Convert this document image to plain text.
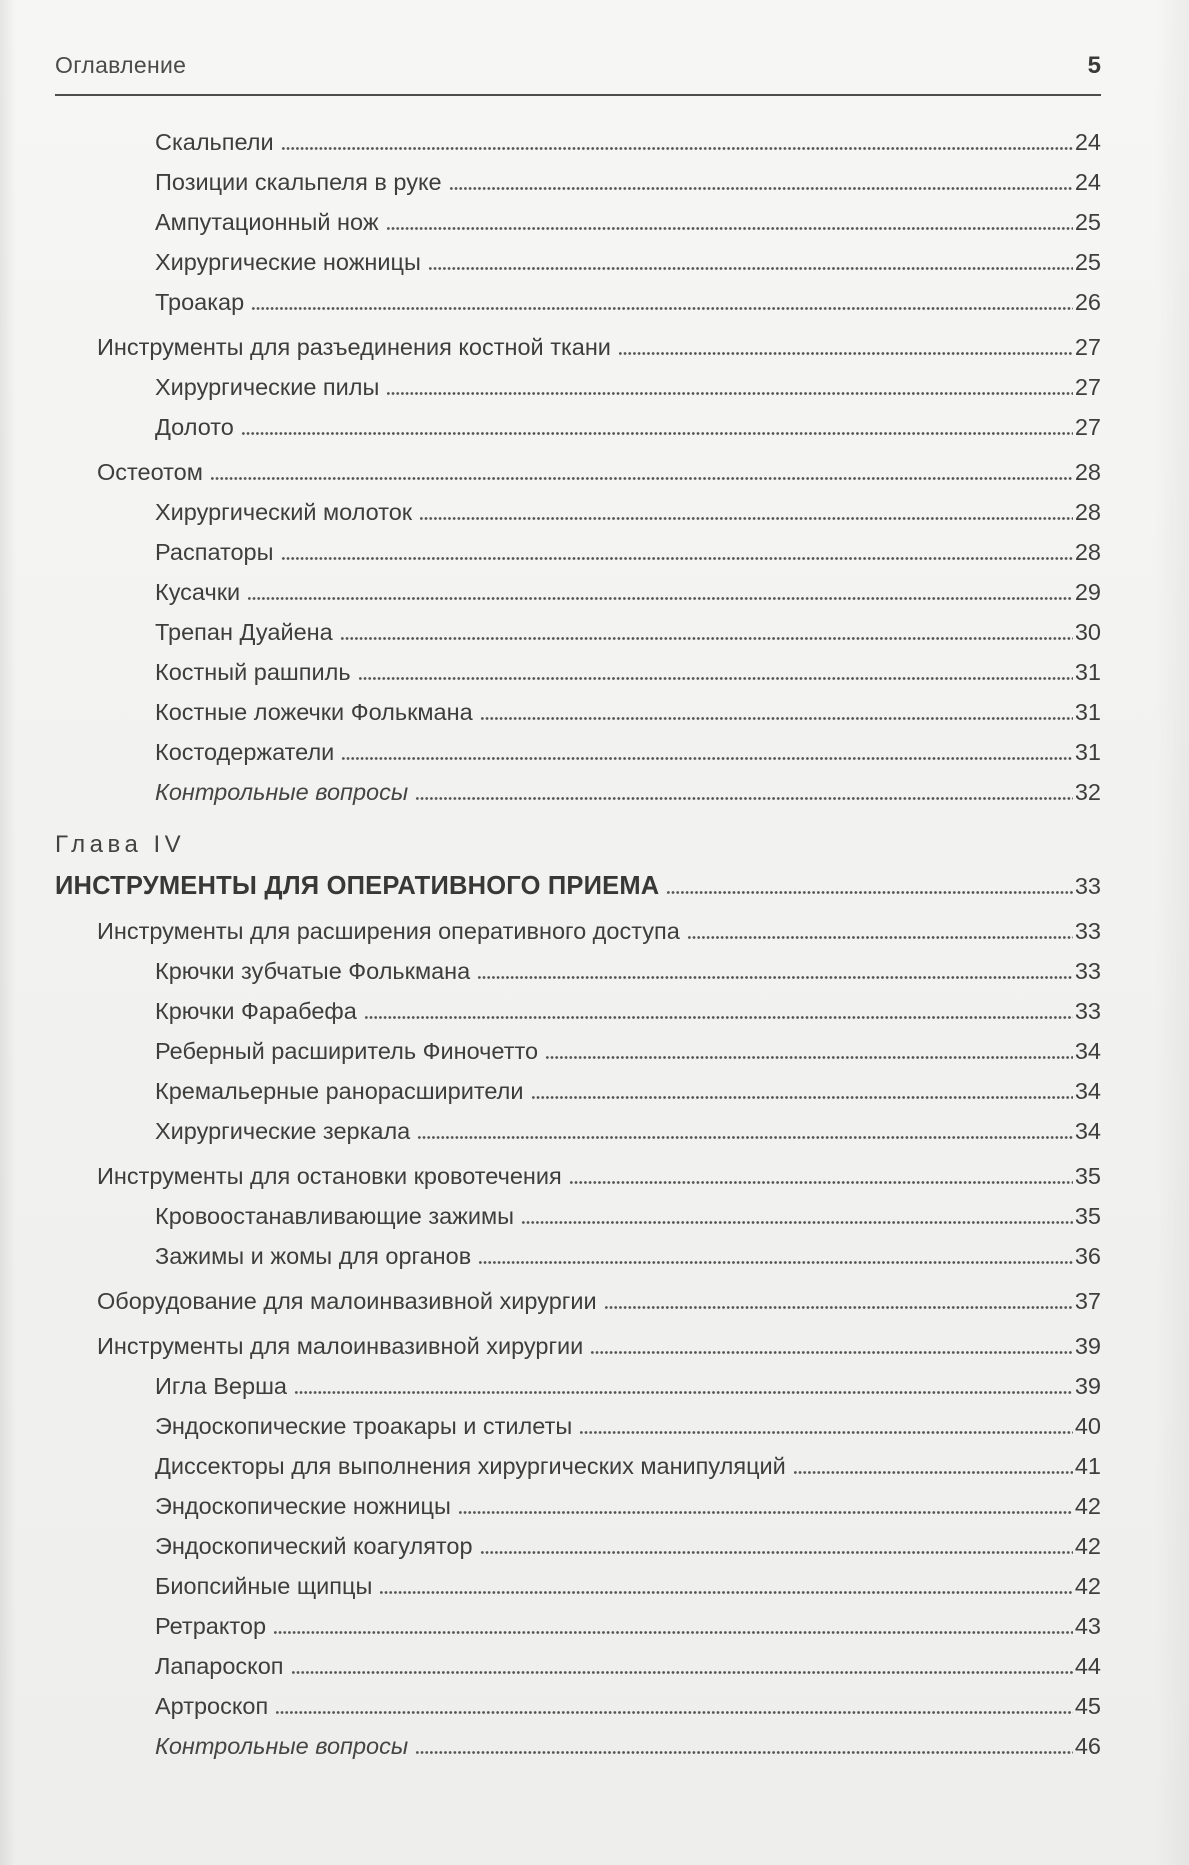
Оглавление	5
Скальпели	24
Позиции скальпеля в руке	24
Ампутационный нож	25
Хирургические ножницы	25
Троакар	26
Инструменты для разъединения костной ткани	27
Хирургические пилы	27
Долото	27
Остеотом	28
Хирургический молоток	28
Распаторы	28
Кусачки	29
Трепан Дуайена	30
Костный рашпиль	31
Костные ложечки Фолькмана	31
Костодержатели	31
Контрольные вопросы	32
Глава IV
ИНСТРУМЕНТЫ ДЛЯ ОПЕРАТИВНОГО ПРИЕМА	33
Инструменты для расширения оперативного доступа	33
Крючки зубчатые Фолькмана	33
Крючки Фарабефа	33
Реберный расширитель Финочетто	34
Кремальерные ранорасширители	34
Хирургические зеркала	34
Инструменты для остановки кровотечения	35
Кровоостанавливающие зажимы	35
Зажимы и жомы для органов	36
Оборудование для малоинвазивной хирургии	37
Инструменты для малоинвазивной хирургии	39
Игла Верша	39
Эндоскопические троакары и стилеты	40
Диссекторы для выполнения хирургических манипуляций	41
Эндоскопические ножницы	42
Эндоскопический коагулятор	42
Биопсийные щипцы	42
Ретрактор	43
Лапароскоп	44
Артроскоп	45
Контрольные вопросы	46
